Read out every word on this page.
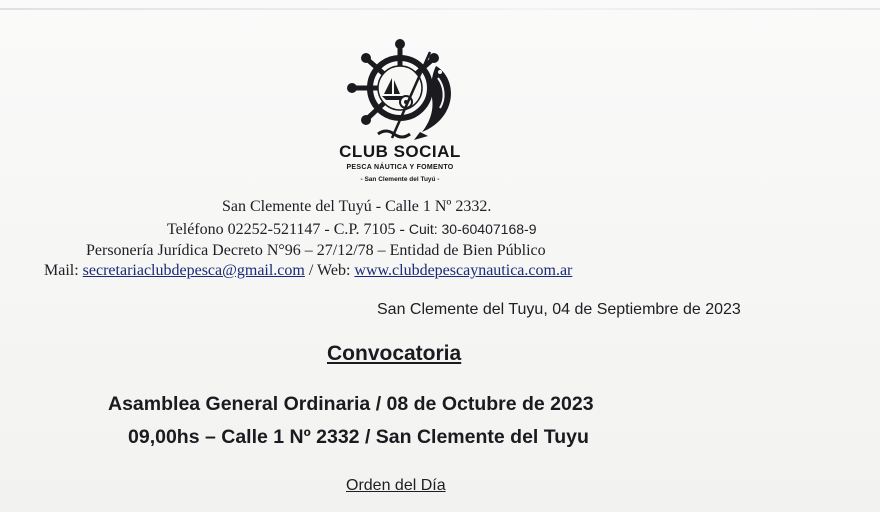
CLUB SOCIAL
PESCA NÁUTICA Y FOMENTO
- San Clemente del Tuyú -
San Clemente del Tuyú - Calle 1 Nº 2332.
Teléfono 02252-521147 - C.P. 7105 - Cuit: 30-60407168-9
Personería Jurídica Decreto N°96 – 27/12/78 – Entidad de Bien Público
Mail: secretariaclubdepesca@gmail.com / Web: www.clubdepescaynautica.com.ar
San Clemente del Tuyu, 04 de Septiembre de 2023
Convocatoria
Asamblea General Ordinaria / 08 de Octubre de 2023
09,00hs – Calle 1 Nº 2332 / San Clemente del Tuyu
Orden del Día
